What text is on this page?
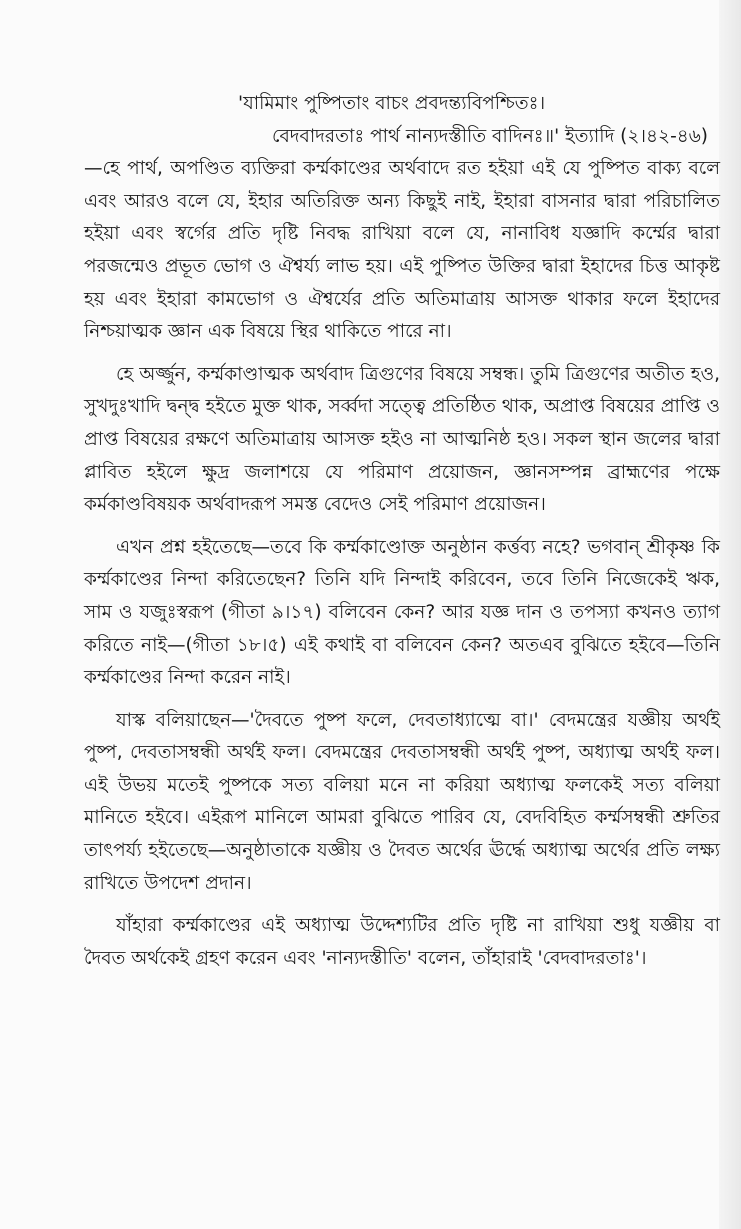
'যামিমাং পুষ্পিতাং বাচং প্রবদন্ত্যবিপশ্চিতঃ।

বেদবাদরতাঃ পার্থ নান্যদস্তীতি বাদিনঃ॥' ইত্যাদি (২।৪২-৪৬)

—হে পার্থ, অপণ্ডিত ব্যক্তিরা কর্ম্মকাণ্ডের অর্থবাদে রত হইয়া এই যে পুষ্পিত বাক্য বলে এবং আরও বলে যে, ইহার অতিরিক্ত অন্য কিছুই নাই, ইহারা বাসনার দ্বারা পরিচালিত হইয়া এবং স্বর্গের প্রতি দৃষ্টি নিবদ্ধ রাখিয়া বলে যে, নানাবিধ যজ্ঞাদি কর্ম্মের দ্বারা পরজন্মেও প্রভূত ভোগ ও ঐশ্বর্য্য লাভ হয়। এই পুষ্পিত উক্তির দ্বারা ইহাদের চিত্ত আকৃষ্ট হয় এবং ইহারা কামভোগ ও ঐশ্বর্যের প্রতি অতিমাত্রায় আসক্ত থাকার ফলে ইহাদের নিশ্চয়াত্মক জ্ঞান এক বিষয়ে স্থির থাকিতে পারে না।

হে অর্জ্জুন, কর্ম্মকাণ্ডাত্মক অর্থবাদ ত্রিগুণের বিষয়ে সম্বন্ধ। তুমি ত্রিগুণের অতীত হও, সুখদুঃখাদি দ্বন্দ্ব হইতে মুক্ত থাক, সর্ব্বদা সত্ত্বে প্রতিষ্ঠিত থাক, অপ্রাপ্ত বিষয়ের প্রাপ্তি ও প্রাপ্ত বিষয়ের রক্ষণে অতিমাত্রায় আসক্ত হইও না আত্মনিষ্ঠ হও। সকল স্থান জলের দ্বারা প্লাবিত হইলে ক্ষুদ্র জলাশয়ে যে পরিমাণ প্রয়োজন, জ্ঞানসম্পন্ন ব্রাহ্মণের পক্ষে কর্মকাণ্ডবিষয়ক অর্থবাদরূপ সমস্ত বেদেও সেই পরিমাণ প্রয়োজন।

এখন প্রশ্ন হইতেছে—তবে কি কর্ম্মকাণ্ডোক্ত অনুষ্ঠান কর্ত্তব্য নহে? ভগবান্ শ্রীকৃষ্ণ কি কর্ম্মকাণ্ডের নিন্দা করিতেছেন? তিনি যদি নিন্দাই করিবেন, তবে তিনি নিজেকেই ঋক, সাম ও যজুঃস্বরূপ (গীতা ৯।১৭) বলিবেন কেন? আর যজ্ঞ দান ও তপস্যা কখনও ত্যাগ করিতে নাই—(গীতা ১৮।৫) এই কথাই বা বলিবেন কেন? অতএব বুঝিতে হইবে—তিনি কর্ম্মকাণ্ডের নিন্দা করেন নাই।

যাস্ক বলিয়াছেন—'দৈবতে পুষ্প ফলে, দেবতাধ্যাত্মে বা।' বেদমন্ত্রের যজ্ঞীয় অর্থই পুষ্প, দেবতাসম্বন্ধী অর্থই ফল। বেদমন্ত্রের দেবতাসম্বন্ধী অর্থই পুষ্প, অধ্যাত্ম অর্থই ফল। এই উভয় মতেই পুষ্পকে সত্য বলিয়া মনে না করিয়া অধ্যাত্ম ফলকেই সত্য বলিয়া মানিতে হইবে। এইরূপ মানিলে আমরা বুঝিতে পারিব যে, বেদবিহিত কর্ম্মসম্বন্ধী শ্রুতির তাৎপর্য্য হইতেছে—অনুষ্ঠাতাকে যজ্ঞীয় ও দৈবত অর্থের ঊর্দ্ধে অধ্যাত্ম অর্থের প্রতি লক্ষ্য রাখিতে উপদেশ প্রদান।

যাঁহারা কর্ম্মকাণ্ডের এই অধ্যাত্ম উদ্দেশ্যটির প্রতি দৃষ্টি না রাখিয়া শুধু যজ্ঞীয় বা দৈবত অর্থকেই গ্রহণ করেন এবং 'নান্যদস্তীতি' বলেন, তাঁহারাই 'বেদবাদরতাঃ'।
